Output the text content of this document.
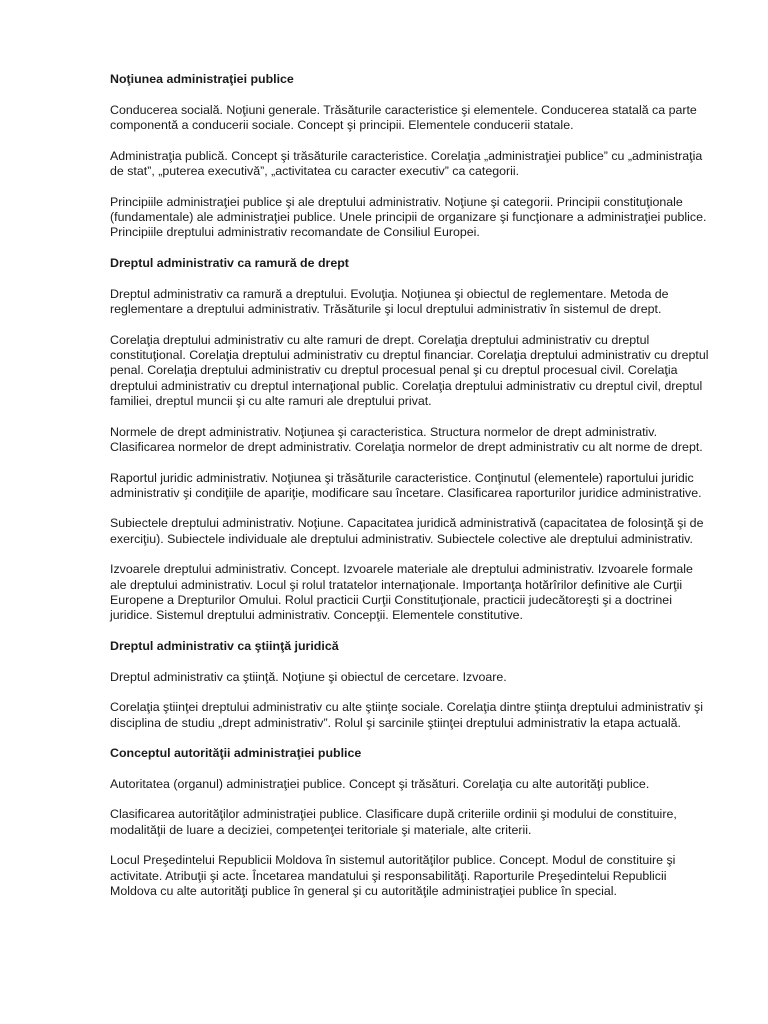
Noţiunea administraţiei publice

Conducerea socială. Noţiuni generale. Trăsăturile caracteristice şi elementele. Conducerea statală ca parte componentă a conducerii sociale. Concept şi principii. Elementele conducerii statale.

Administraţia publică. Concept şi trăsăturile caracteristice. Corelaţia „administraţiei publice” cu „administraţia de stat”, „puterea executivă”, „activitatea cu caracter executiv” ca categorii.

Principiile administraţiei publice şi ale dreptului administrativ. Noţiune şi categorii. Principii constituţionale (fundamentale) ale administraţiei publice. Unele principii de organizare şi funcţionare a administraţiei publice. Principiile dreptului administrativ recomandate de Consiliul Europei.

Dreptul administrativ ca ramură de drept

Dreptul administrativ ca ramură a dreptului. Evoluţia. Noţiunea şi obiectul de reglementare. Metoda de reglementare a dreptului administrativ. Trăsăturile şi locul dreptului administrativ în sistemul de drept.

Corelaţia dreptului administrativ cu alte ramuri de drept. Corelaţia dreptului administrativ cu dreptul constituţional. Corelaţia dreptului administrativ cu dreptul financiar. Corelaţia dreptului administrativ cu dreptul penal. Corelaţia dreptului administrativ cu dreptul procesual penal şi cu dreptul procesual civil. Corelaţia dreptului administrativ cu dreptul internaţional public. Corelaţia dreptului administrativ cu dreptul civil, dreptul familiei, dreptul muncii şi cu alte ramuri ale dreptului privat.

Normele de drept administrativ. Noţiunea şi caracteristica. Structura normelor de drept administrativ. Clasificarea normelor de drept administrativ. Corelaţia normelor de drept administrativ cu alt norme de drept.

Raportul juridic administrativ. Noţiunea şi trăsăturile caracteristice. Conţinutul (elementele) raportului juridic administrativ şi condiţiile de apariţie, modificare sau încetare. Clasificarea raporturilor juridice administrative.

Subiectele dreptului administrativ. Noţiune. Capacitatea juridică administrativă (capacitatea de folosinţă şi de exerciţiu). Subiectele individuale ale dreptului administrativ. Subiectele colective ale dreptului administrativ.

Izvoarele dreptului administrativ. Concept. Izvoarele materiale ale dreptului administrativ. Izvoarele formale ale dreptului administrativ. Locul şi rolul tratatelor internaţionale. Importanţa hotărîrilor definitive ale Curţii Europene a Drepturilor Omului. Rolul practicii Curţii Constituţionale, practicii judecătoreşti şi a doctrinei juridice. Sistemul dreptului administrativ. Concepţii. Elementele constitutive.

Dreptul administrativ ca ştiinţă juridică

Dreptul administrativ ca ştiinţă. Noţiune şi obiectul de cercetare. Izvoare.

Corelaţia ştiinţei dreptului administrativ cu alte ştiinţe sociale. Corelaţia dintre ştiinţa dreptului administrativ şi disciplina de studiu „drept administrativ”. Rolul şi sarcinile ştiinţei dreptului administrativ la etapa actuală.

Conceptul autorităţii administraţiei publice

Autoritatea (organul) administraţiei publice. Concept şi trăsături. Corelaţia cu alte autorităţi publice.

Clasificarea autorităţilor administraţiei publice. Clasificare după criteriile ordinii şi modului de constituire, modalităţii de luare a deciziei, competenţei teritoriale şi materiale, alte criterii.

Locul Preşedintelui Republicii Moldova în sistemul autorităţilor publice. Concept. Modul de constituire şi activitate. Atribuţii şi acte. Încetarea mandatului şi responsabilităţi. Raporturile Preşedintelui Republicii Moldova cu alte autorităţi publice în general şi cu autorităţile administraţiei publice în special.
